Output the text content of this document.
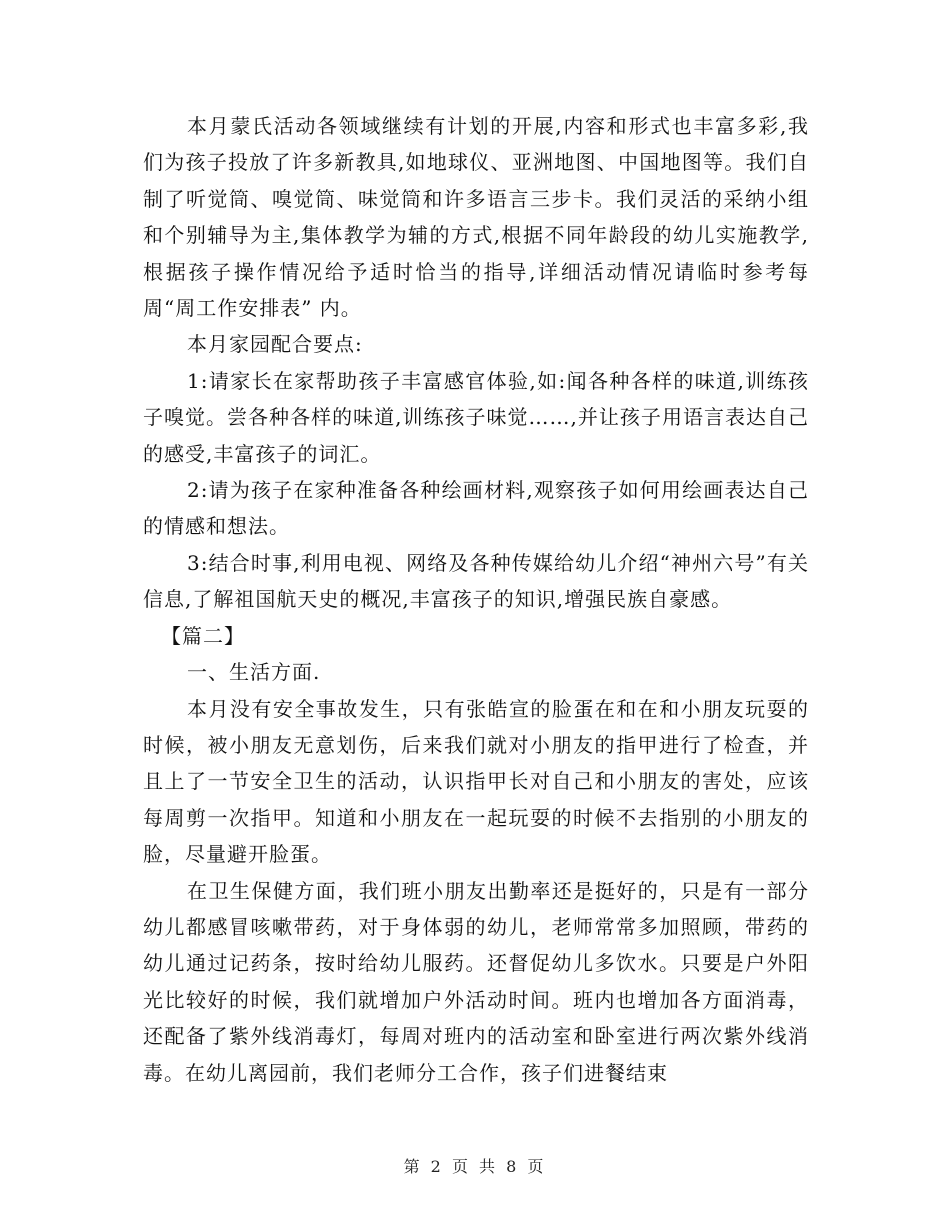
本月蒙氏活动各领域继续有计划的开展,内容和形式也丰富多彩,我们为孩子投放了许多新教具,如地球仪、亚洲地图、中国地图等。我们自制了听觉筒、嗅觉筒、味觉筒和许多语言三步卡。我们灵活的采纳小组和个别辅导为主,集体教学为辅的方式,根据不同年龄段的幼儿实施教学,根据孩子操作情况给予适时恰当的指导,详细活动情况请临时参考每周“周工作安排表” 内。

本月家园配合要点:

1:请家长在家帮助孩子丰富感官体验,如:闻各种各样的味道,训练孩子嗅觉。尝各种各样的味道,训练孩子味觉……,并让孩子用语言表达自己的感受,丰富孩子的词汇。

2:请为孩子在家种准备各种绘画材料,观察孩子如何用绘画表达自己的情感和想法。

3:结合时事,利用电视、网络及各种传媒给幼儿介绍“神州六号”有关信息,了解祖国航天史的概况,丰富孩子的知识,增强民族自豪感。

【篇二】

一、生活方面.

本月没有安全事故发生，只有张皓宣的脸蛋在和在和小朋友玩耍的时候，被小朋友无意划伤，后来我们就对小朋友的指甲进行了检查，并且上了一节安全卫生的活动，认识指甲长对自己和小朋友的害处，应该每周剪一次指甲。知道和小朋友在一起玩耍的时候不去指别的小朋友的脸，尽量避开脸蛋。

在卫生保健方面，我们班小朋友出勤率还是挺好的，只是有一部分幼儿都感冒咳嗽带药，对于身体弱的幼儿，老师常常多加照顾，带药的幼儿通过记药条，按时给幼儿服药。还督促幼儿多饮水。只要是户外阳光比较好的时候，我们就增加户外活动时间。班内也增加各方面消毒，还配备了紫外线消毒灯，每周对班内的活动室和卧室进行两次紫外线消毒。在幼儿离园前，我们老师分工合作，孩子们进餐结束

第 2 页 共 8 页
